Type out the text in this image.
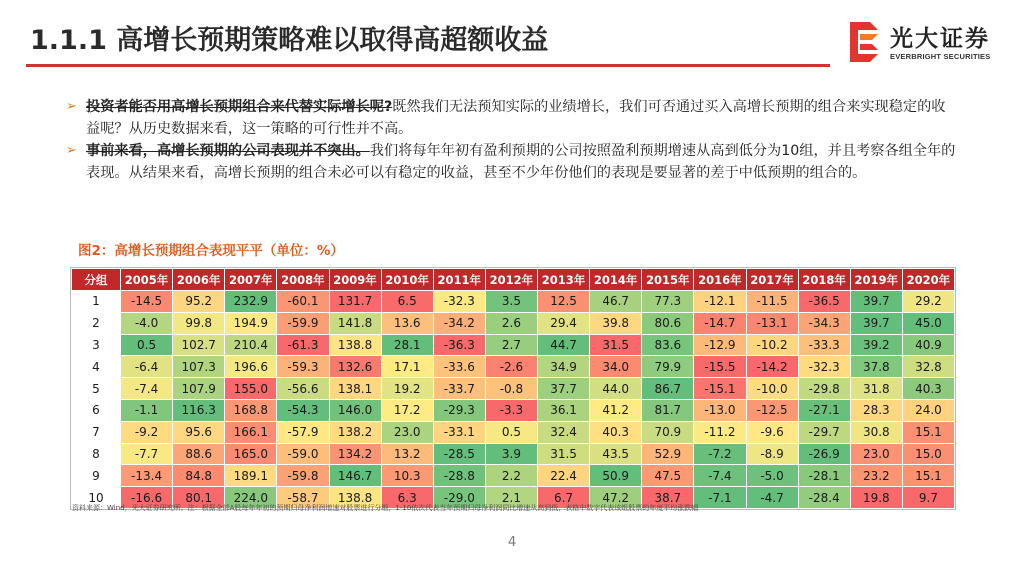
1.1.1 高增长预期策略难以取得高超额收益	光大证券
EVERBRIGHT SECURITIES

➢ 投资者能否用高增长预期组合来代替实际增长呢?既然我们无法预知实际的业绩增长，我们可否通过买入高增长预期的组合来实现稳定的收益呢？从历史数据来看，这一策略的可行性并不高。

➢ 事前来看，高增长预期的公司表现并不突出。我们将每年年初有盈利预期的公司按照盈利预期增速从高到低分为10组，并且考察各组全年的表现。从结果来看，高增长预期的组合未必可以有稳定的收益，甚至不少年份他们的表现是要显著的差于中低预期的组合的。

图2：高增长预期组合表现平平（单位：%）
分组	2005年	2006年	2007年	2008年	2009年	2010年	2011年	2012年	2013年	2014年	2015年	2016年	2017年	2018年	2019年	2020年
1	-14.5	95.2	232.9	-60.1	131.7	6.5	-32.3	3.5	12.5	46.7	77.3	-12.1	-11.5	-36.5	39.7	29.2
2	-4.0	99.8	194.9	-59.9	141.8	13.6	-34.2	2.6	29.4	39.8	80.6	-14.7	-13.1	-34.3	39.7	45.0
3	0.5	102.7	210.4	-61.3	138.8	28.1	-36.3	2.7	44.7	31.5	83.6	-12.9	-10.2	-33.3	39.2	40.9
4	-6.4	107.3	196.6	-59.3	132.6	17.1	-33.6	-2.6	34.9	34.0	79.9	-15.5	-14.2	-32.3	37.8	32.8
5	-7.4	107.9	155.0	-56.6	138.1	19.2	-33.7	-0.8	37.7	44.0	86.7	-15.1	-10.0	-29.8	31.8	40.3
6	-1.1	116.3	168.8	-54.3	146.0	17.2	-29.3	-3.3	36.1	41.2	81.7	-13.0	-12.5	-27.1	28.3	24.0
7	-9.2	95.6	166.1	-57.9	138.2	23.0	-33.1	0.5	32.4	40.3	70.9	-11.2	-9.6	-29.7	30.8	15.1
8	-7.7	88.6	165.0	-59.0	134.2	13.2	-28.5	3.9	31.5	43.5	52.9	-7.2	-8.9	-26.9	23.0	15.0
9	-13.4	84.8	189.1	-59.8	146.7	10.3	-28.8	2.2	22.4	50.9	47.5	-7.4	-5.0	-28.1	23.2	15.1
10	-16.6	80.1	224.0	-58.7	138.8	6.3	-29.0	2.1	6.7	47.2	38.7	-7.1	-4.7	-28.4	19.8	9.7
资料来源：Wind，光大证券研究所。注：根据全部A股每年年初的预期归母净利润增速对股票进行分组，1-10依次代表当年预期归母净利润同比增速从高到低，表格中数字代表该组股票的年度平均涨跌幅
4
